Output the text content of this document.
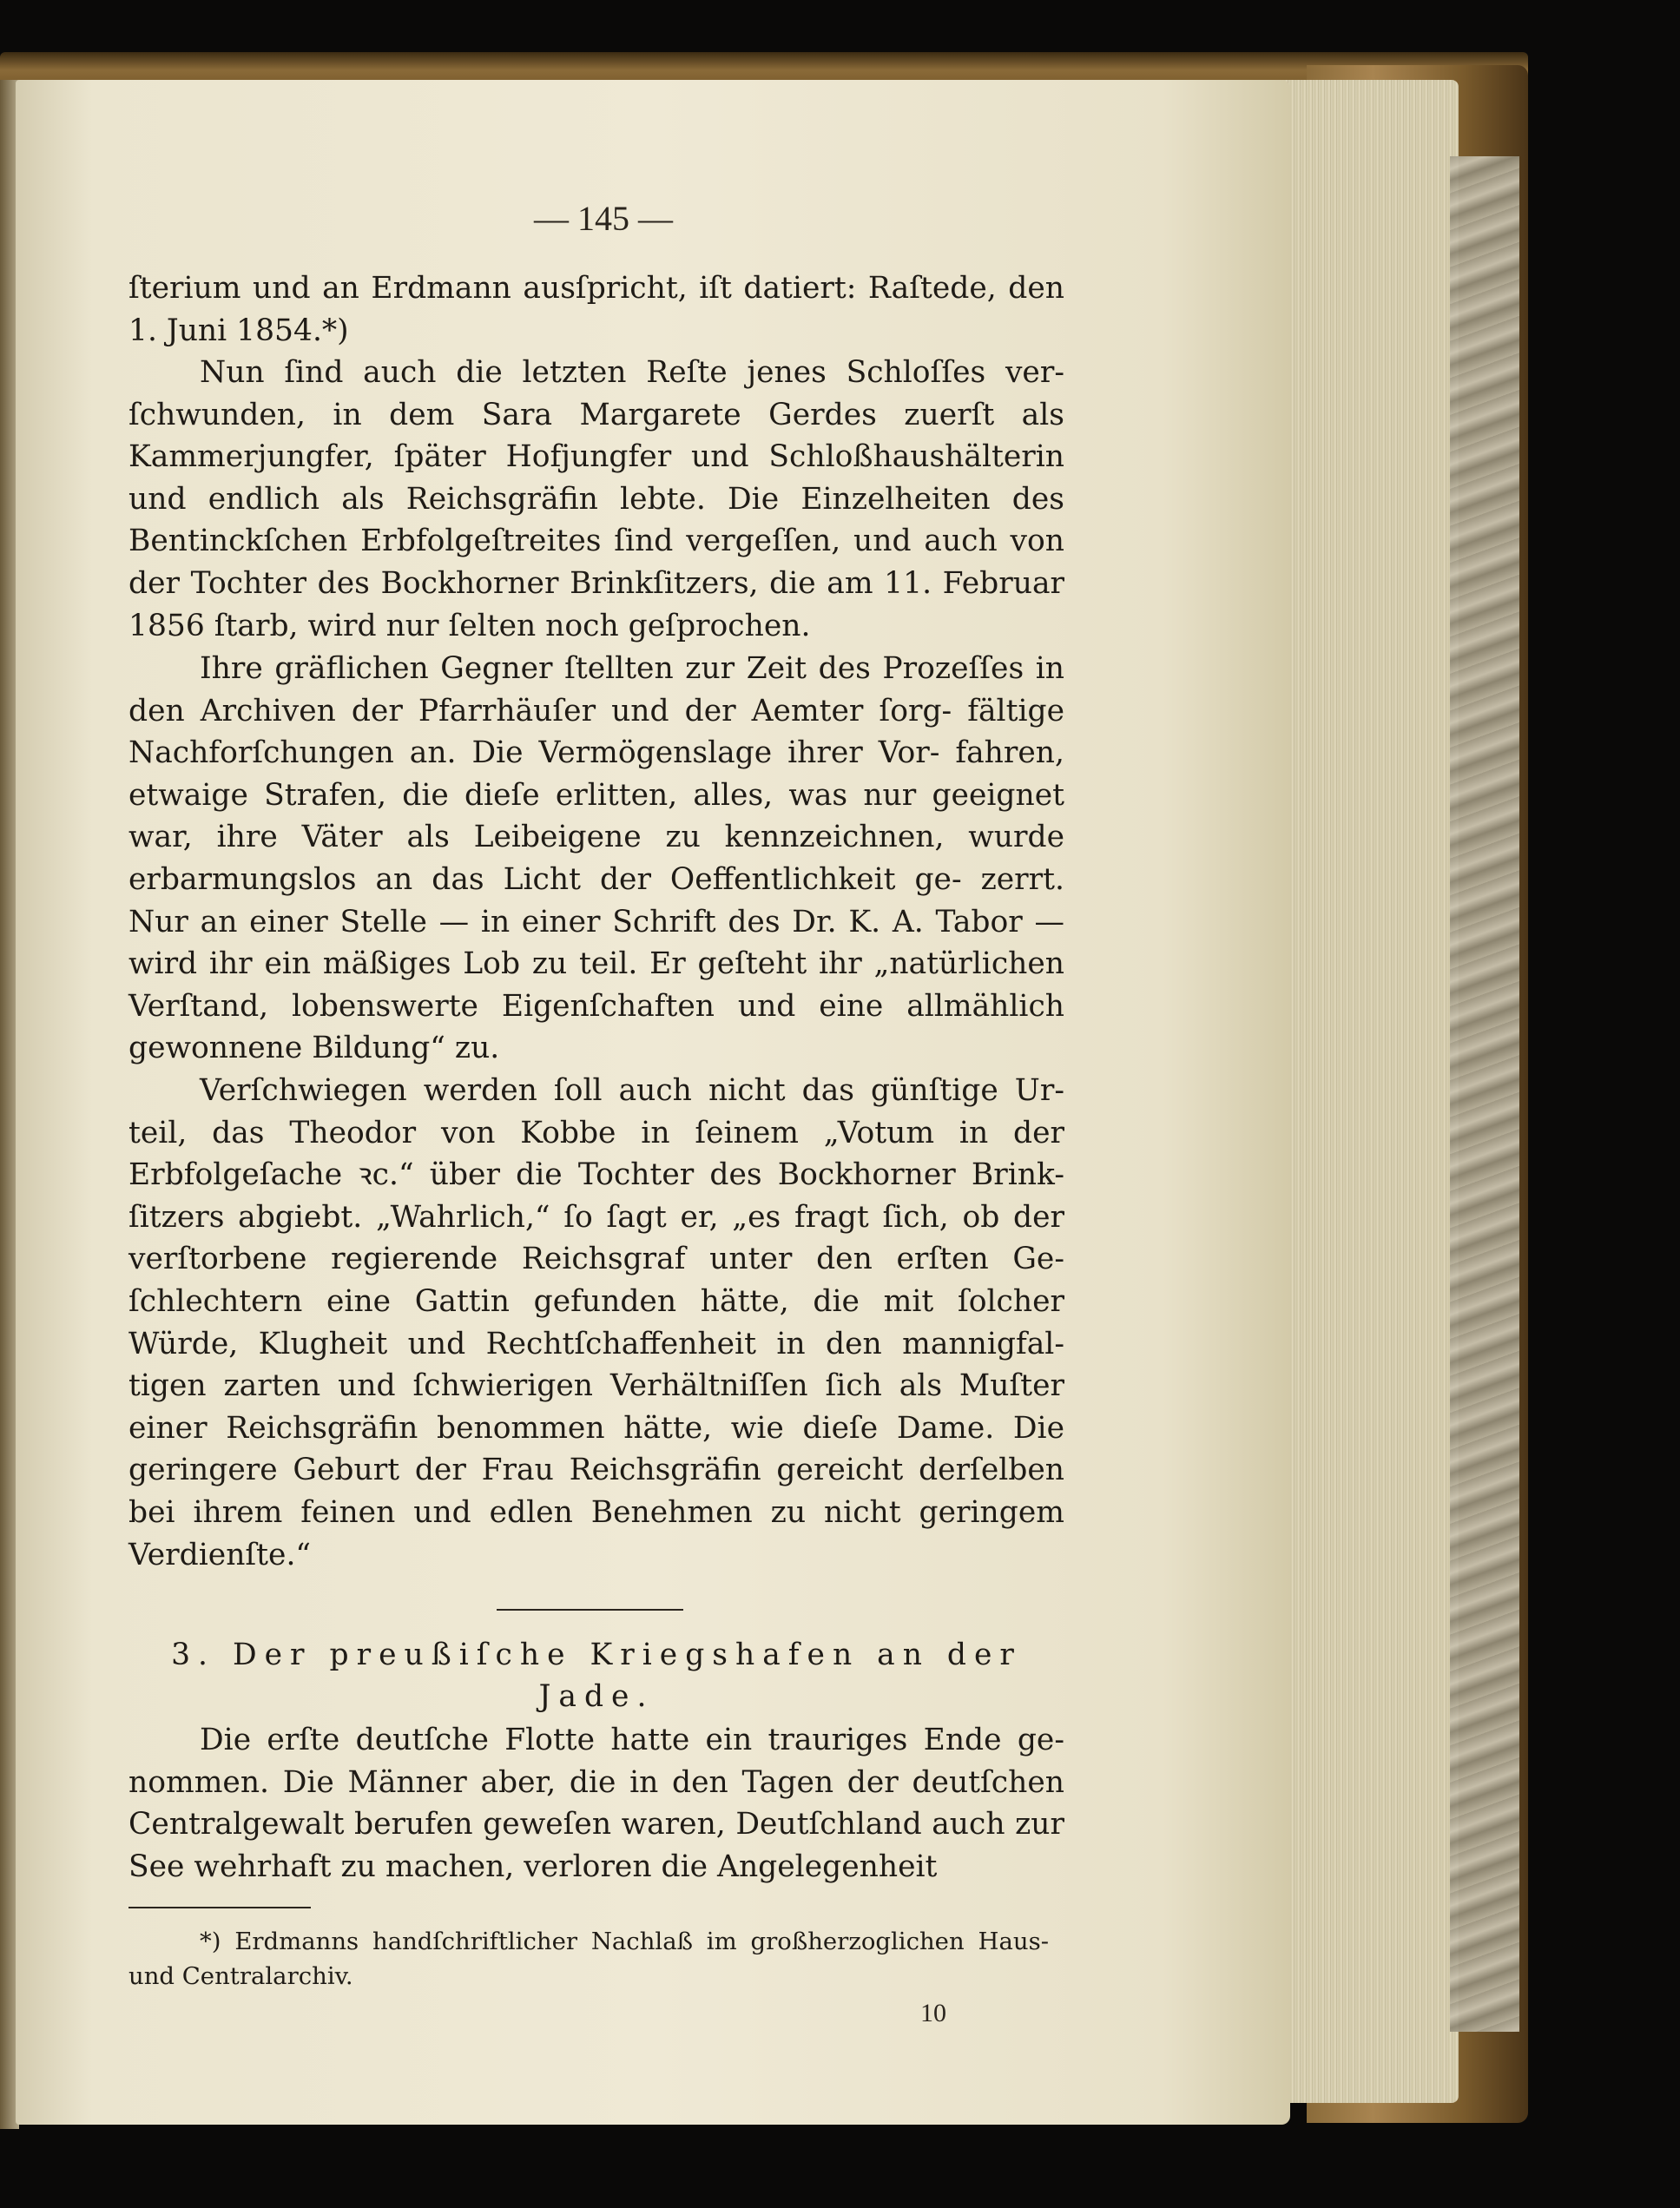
— 145 —
ſterium und an Erdmann ausſpricht, iſt datiert: Raſtede, den 1. Juni 1854.*)
Nun ſind auch die letzten Reſte jenes Schloſſes ver- ſchwunden, in dem Sara Margarete Gerdes zuerſt als Kammerjungfer, ſpäter Hofjungfer und Schloßhaushälterin und endlich als Reichsgräfin lebte. Die Einzelheiten des Bentinckſchen Erbfolgeſtreites ſind vergeſſen, und auch von der Tochter des Bockhorner Brinkſitzers, die am 11. Februar 1856 ſtarb, wird nur ſelten noch geſprochen.
Ihre gräflichen Gegner ſtellten zur Zeit des Prozeſſes in den Archiven der Pfarrhäuſer und der Aemter ſorg- fältige Nachforſchungen an. Die Vermögenslage ihrer Vor- fahren, etwaige Strafen, die dieſe erlitten, alles, was nur geeignet war, ihre Väter als Leibeigene zu kennzeichnen, wurde erbarmungslos an das Licht der Oeffentlichkeit ge- zerrt. Nur an einer Stelle — in einer Schrift des Dr. K. A. Tabor — wird ihr ein mäßiges Lob zu teil. Er geſteht ihr „natürlichen Verſtand, lobenswerte Eigenſchaften und eine allmählich gewonnene Bildung“ zu.
Verſchwiegen werden ſoll auch nicht das günſtige Ur- teil, das Theodor von Kobbe in ſeinem „Votum in der Erbfolgeſache ꝛc.“ über die Tochter des Bockhorner Brink- ſitzers abgiebt. „Wahrlich,“ ſo ſagt er, „es fragt ſich, ob der verſtorbene regierende Reichsgraf unter den erſten Ge- ſchlechtern eine Gattin gefunden hätte, die mit ſolcher Würde, Klugheit und Rechtſchaffenheit in den mannigfal- tigen zarten und ſchwierigen Verhältniſſen ſich als Muſter einer Reichsgräfin benommen hätte, wie dieſe Dame. Die geringere Geburt der Frau Reichsgräfin gereicht derſelben bei ihrem feinen und edlen Benehmen zu nicht geringem Verdienſte.“
3. Der preußiſche Kriegshafen an der Jade.
Die erſte deutſche Flotte hatte ein trauriges Ende ge- nommen. Die Männer aber, die in den Tagen der deutſchen Centralgewalt berufen geweſen waren, Deutſchland auch zur See wehrhaft zu machen, verloren die Angelegenheit
*) Erdmanns handſchriftlicher Nachlaß im großherzoglichen Haus- und Centralarchiv.
10
